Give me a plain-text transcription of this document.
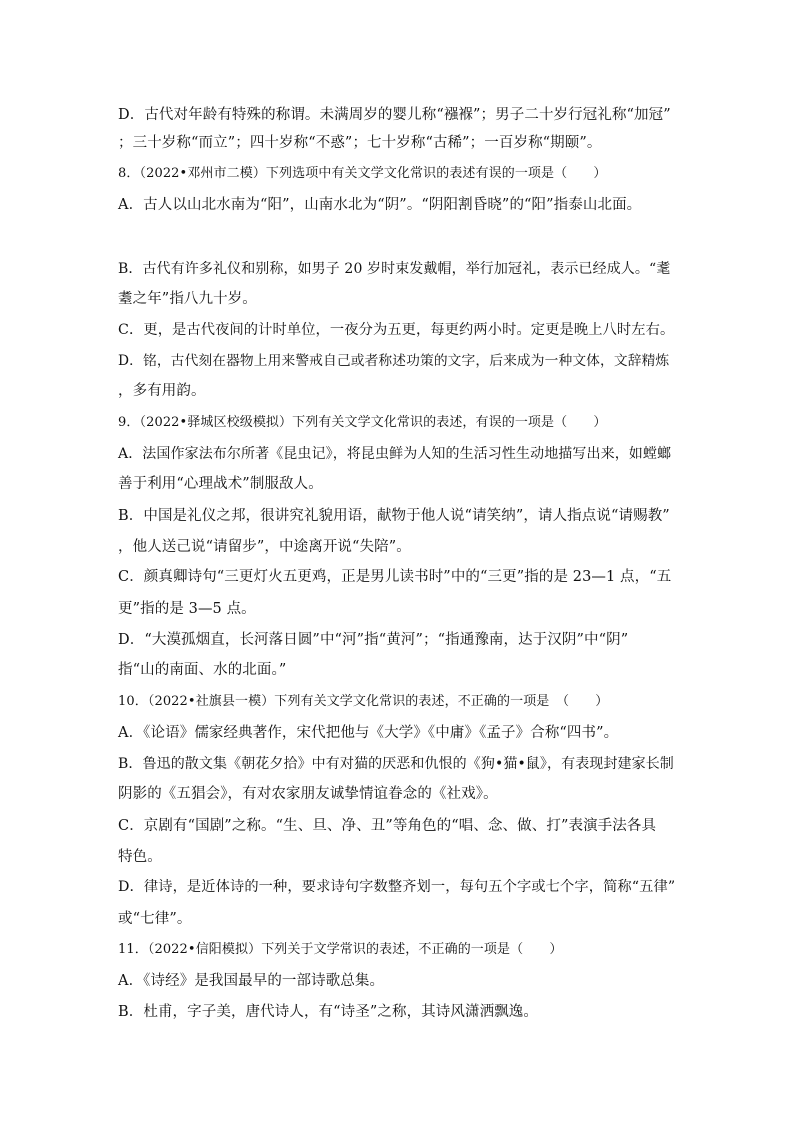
D．古代对年龄有特殊的称谓。未满周岁的婴儿称“襁褓”；男子二十岁行冠礼称“加冠”
；三十岁称“而立”；四十岁称“不惑”；七十岁称“古稀”；一百岁称“期颐”。
8．（2022•邓州市二模）下列选项中有关文学文化常识的表述有误的一项是（　　）
A．古人以山北水南为“阳”，山南水北为“阴”。“阴阳割昏晓”的“阳”指泰山北面。
B．古代有许多礼仪和别称，如男子 20 岁时束发戴帽，举行加冠礼，表示已经成人。“耄
耋之年”指八九十岁。
C．更，是古代夜间的计时单位，一夜分为五更，每更约两小时。定更是晚上八时左右。
D．铭，古代刻在器物上用来警戒自己或者称述功策的文字，后来成为一种文体，文辞精炼
，多有用韵。
9．（2022•驿城区校级模拟）下列有关文学文化常识的表述，有误的一项是（　　）
A．法国作家法布尔所著《昆虫记》，将昆虫鲜为人知的生活习性生动地描写出来，如螳螂
善于利用“心理战术”制服敌人。
B．中国是礼仪之邦，很讲究礼貌用语，献物于他人说“请笑纳”，请人指点说“请赐教”
，他人送己说“请留步”，中途离开说“失陪”。
C．颜真卿诗句“三更灯火五更鸡，正是男儿读书时”中的“三更”指的是 23—1 点，“五
更”指的是 3—5 点。
D．“大漠孤烟直，长河落日圆”中“河”指“黄河”；“指通豫南，达于汉阴”中“阴”
指“山的南面、水的北面。”
10．（2022•社旗县一模）下列有关文学文化常识的表述，不正确的一项是　（　　）
A．《论语》儒家经典著作，宋代把他与《大学》《中庸》《孟子》合称“四书”。
B．鲁迅的散文集《朝花夕拾》中有对猫的厌恶和仇恨的《狗•猫•鼠》，有表现封建家长制
阴影的《五猖会》，有对农家朋友诚挚情谊眷念的《社戏》。
C．京剧有“国剧”之称。“生、旦、净、丑”等角色的“唱、念、做、打”表演手法各具
特色。
D．律诗，是近体诗的一种，要求诗句字数整齐划一，每句五个字或七个字，简称“五律”
或“七律”。
11．（2022•信阳模拟）下列关于文学常识的表述，不正确的一项是（　　）
A．《诗经》是我国最早的一部诗歌总集。
B．杜甫，字子美，唐代诗人，有“诗圣”之称，其诗风潇洒飘逸。
